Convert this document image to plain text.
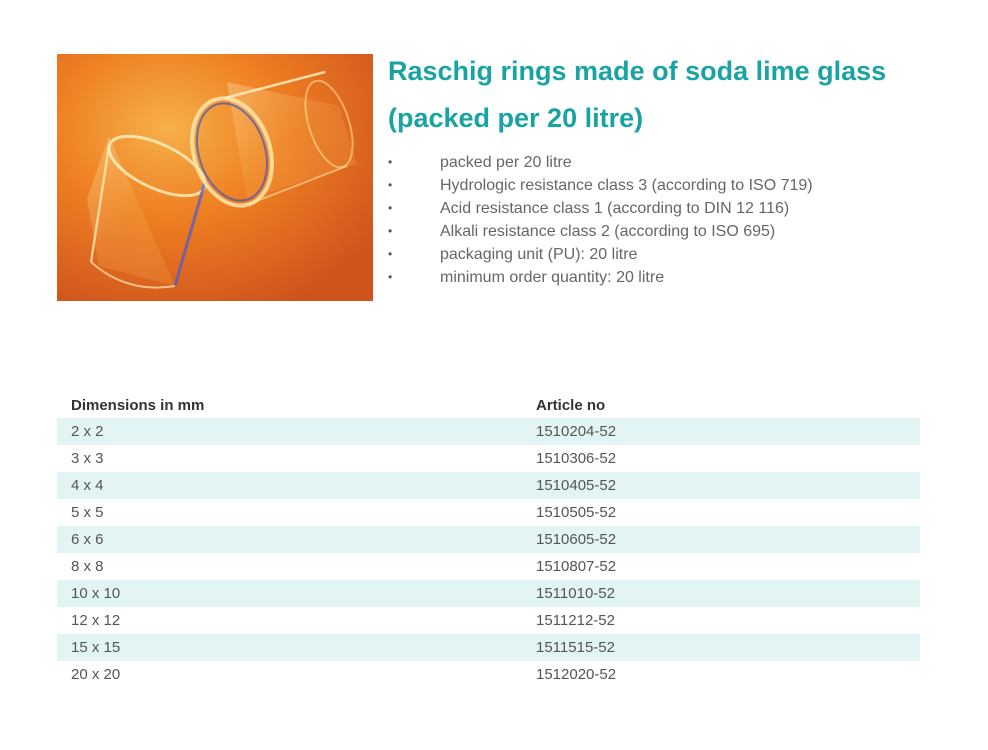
Raschig rings made of soda lime glass (packed per 20 litre)
•	packed per 20 litre
•	Hydrologic resistance class 3 (according to ISO 719)
•	Acid resistance class 1 (according to DIN 12 116)
•	Alkali resistance class 2 (according to ISO 695)
•	packaging unit (PU): 20 litre
•	minimum order quantity: 20 litre
Dimensions in mm	Article no
2 x 2	1510204-52
3 x 3	1510306-52
4 x 4	1510405-52
5 x 5	1510505-52
6 x 6	1510605-52
8 x 8	1510807-52
10 x 10	1511010-52
12 x 12	1511212-52
15 x 15	1511515-52
20 x 20	1512020-52
